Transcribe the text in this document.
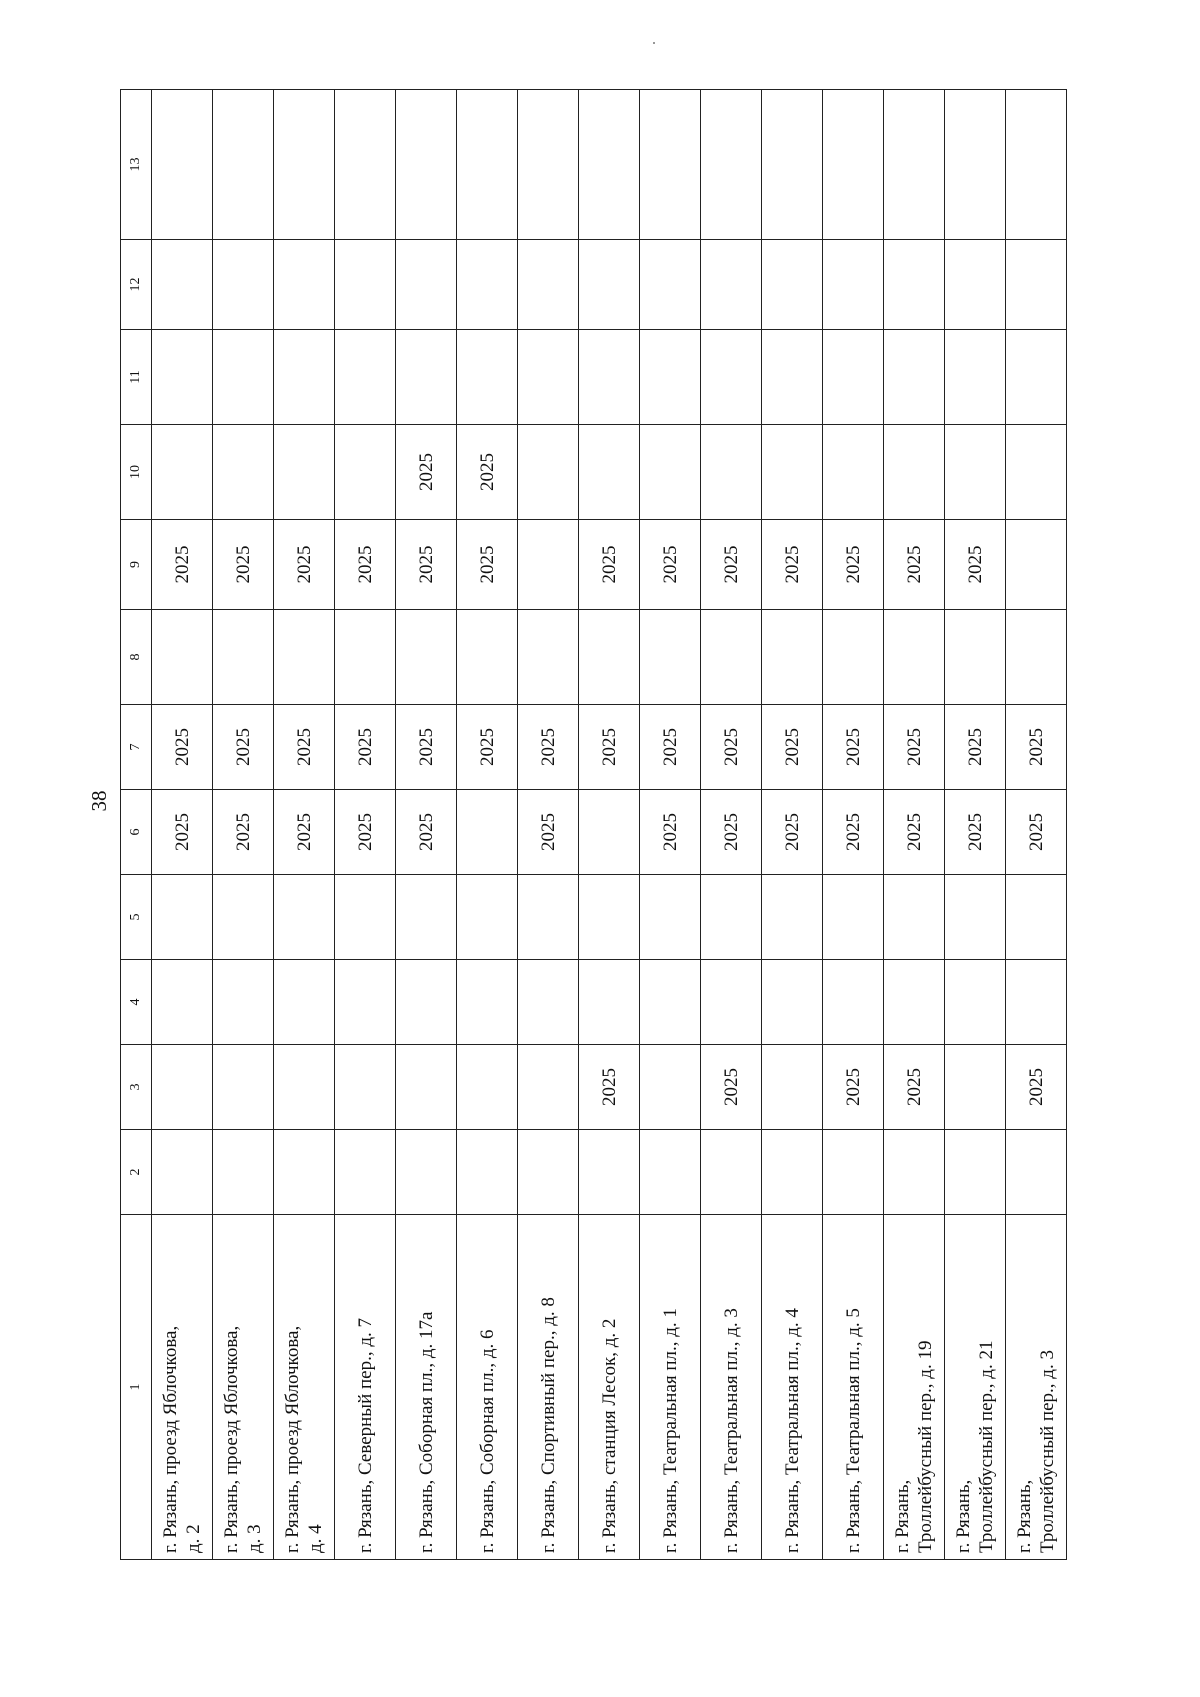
38
1	2	3	4	5	6	7	8	9	10	11	12	13
г. Рязань, проезд Яблочкова,
д. 2					2025	2025		2025				
г. Рязань, проезд Яблочкова,
д. 3					2025	2025		2025				
г. Рязань, проезд Яблочкова,
д. 4					2025	2025		2025				
г. Рязань, Северный пер., д. 7					2025	2025		2025				
г. Рязань, Соборная пл., д. 17а					2025	2025		2025	2025			
г. Рязань, Соборная пл., д. 6						2025		2025	2025			
г. Рязань, Спортивный пер., д. 8					2025	2025						
г. Рязань, станция Лесок, д. 2		2025				2025		2025				
г. Рязань, Театральная пл., д. 1					2025	2025		2025				
г. Рязань, Театральная пл., д. 3		2025			2025	2025		2025				
г. Рязань, Театральная пл., д. 4					2025	2025		2025				
г. Рязань, Театральная пл., д. 5		2025			2025	2025		2025				
г. Рязань,
Троллейбусный пер., д. 19		2025			2025	2025		2025				
г. Рязань,
Троллейбусный пер., д. 21					2025	2025		2025				
г. Рязань,
Троллейбусный пер., д. 3		2025			2025	2025						
